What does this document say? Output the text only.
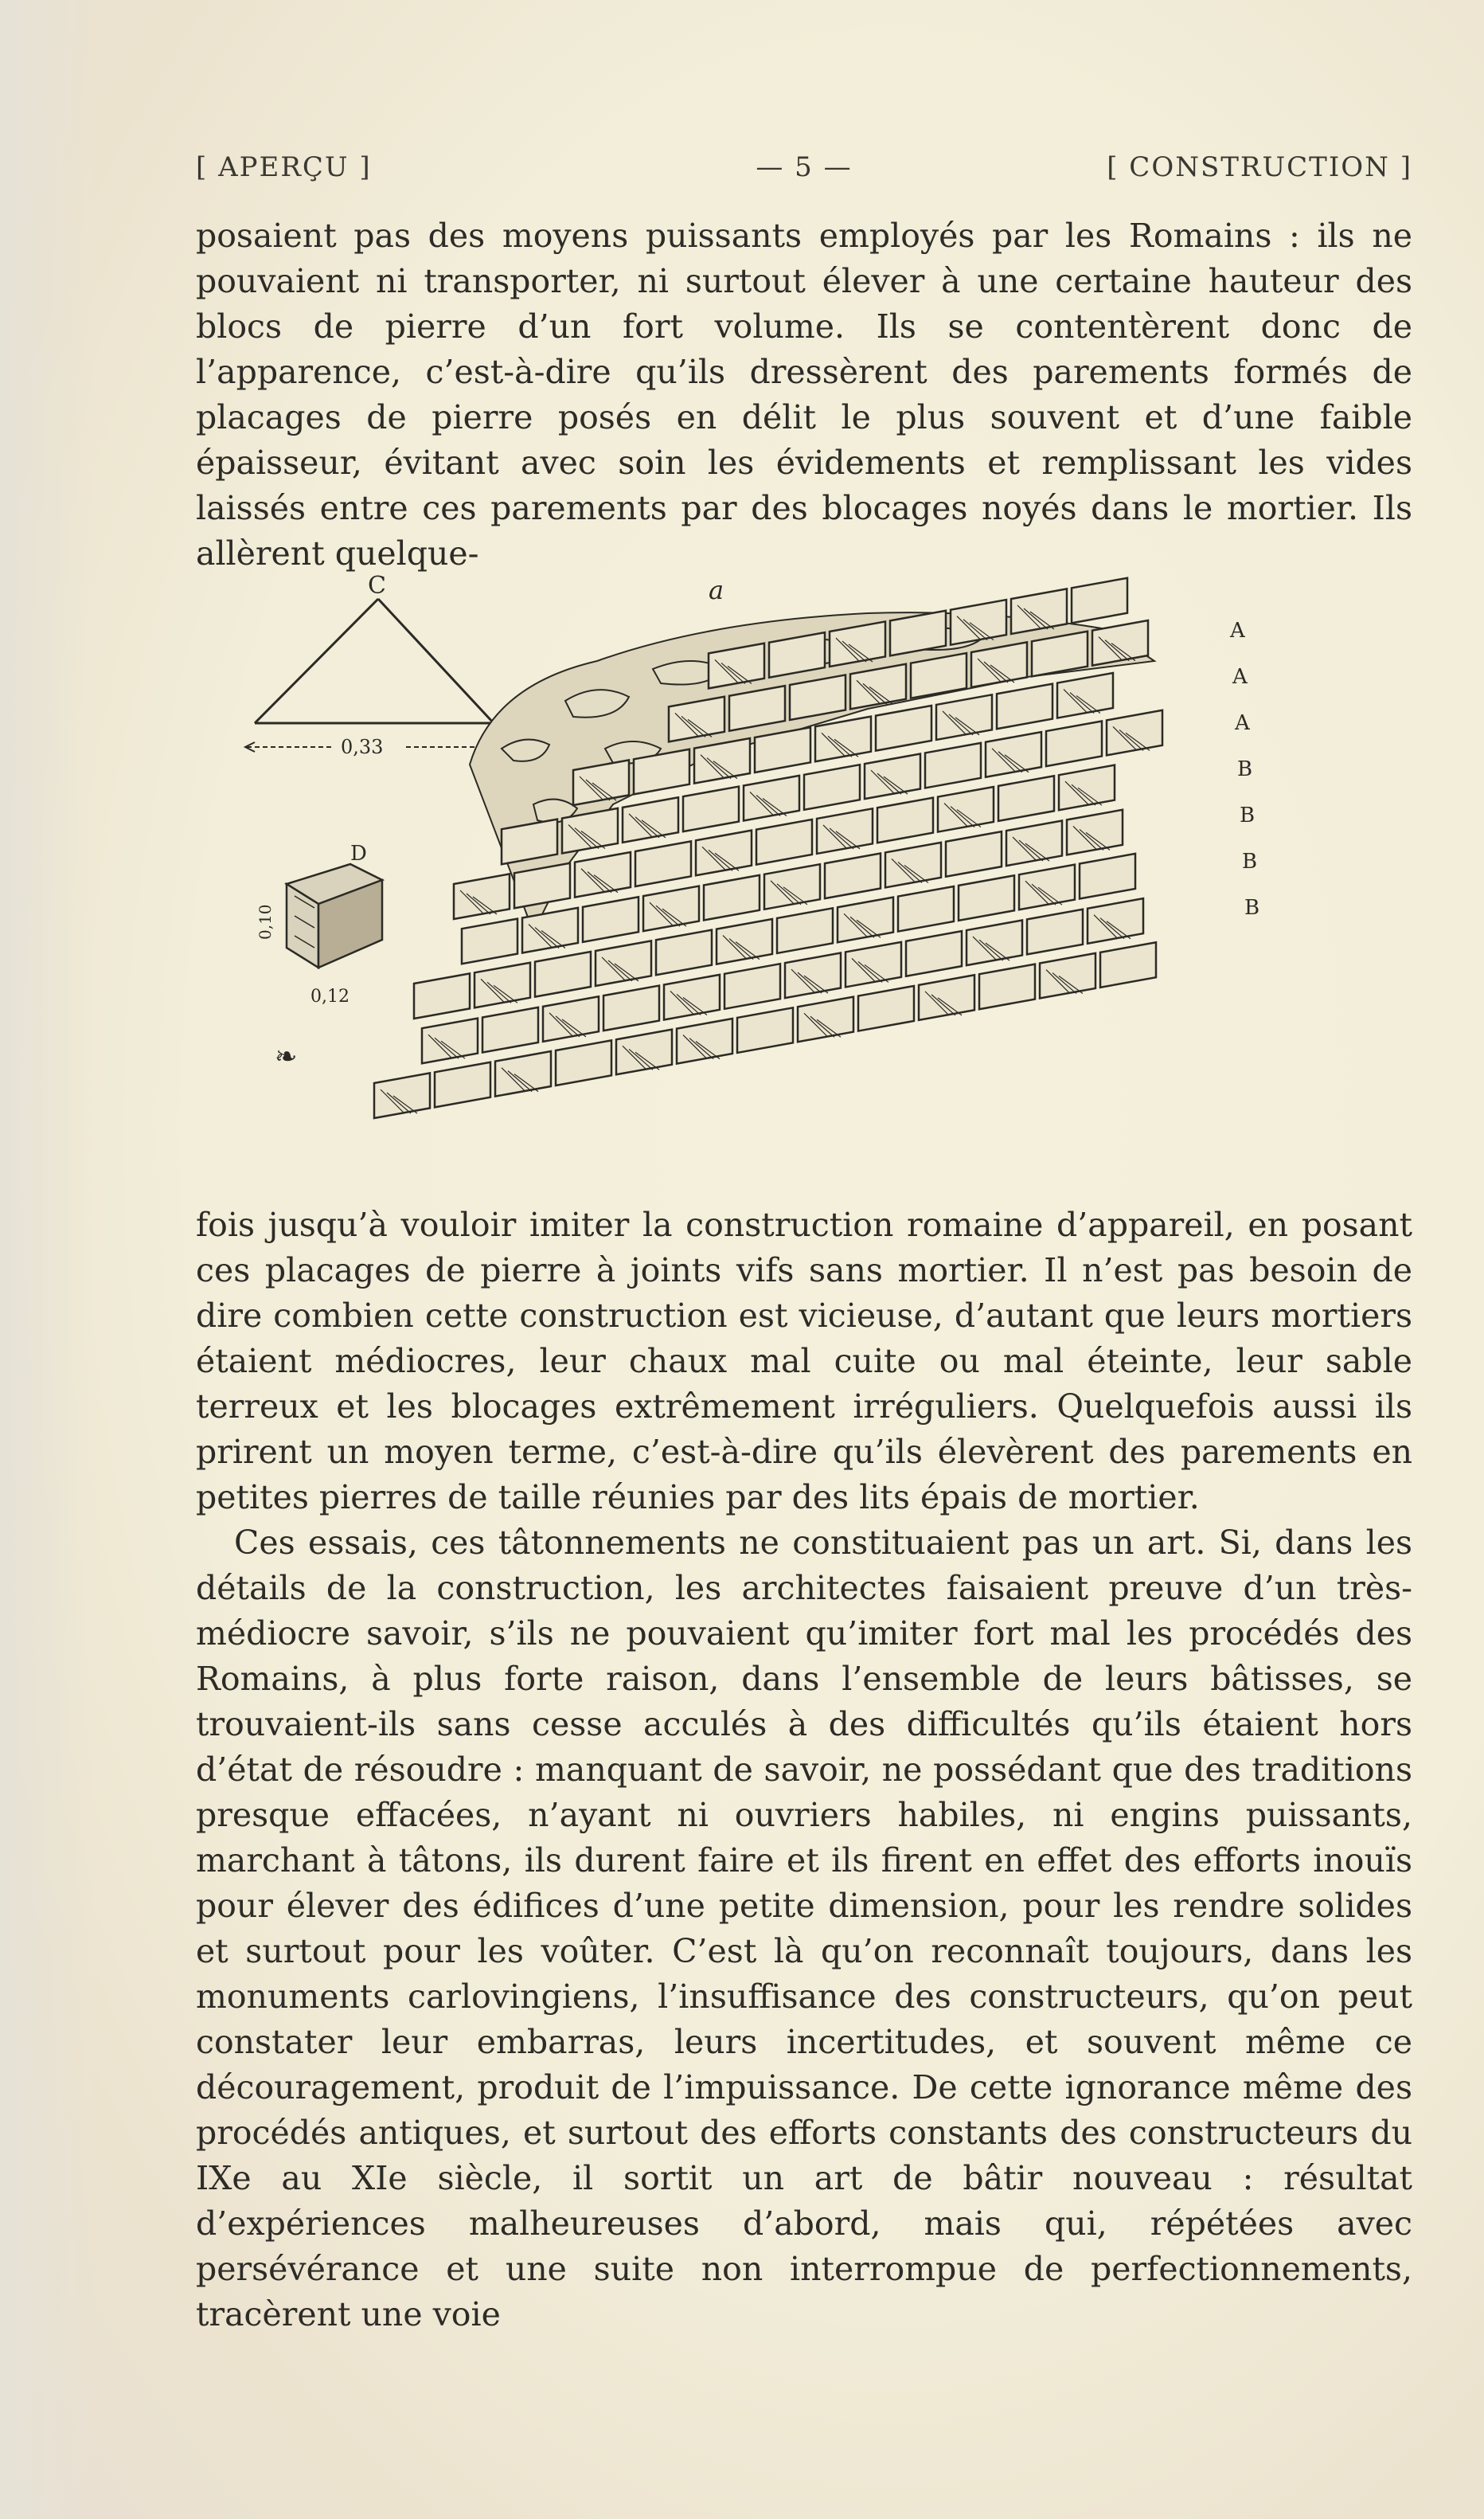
[ APERÇU ]	— 5 —	[ CONSTRUCTION ]

posaient pas des moyens puissants employés par les Romains : ils ne pouvaient ni transporter, ni surtout élever à une certaine hauteur des blocs de pierre d’un fort volume. Ils se contentèrent donc de l’apparence, c’est-à-dire qu’ils dressèrent des parements formés de placages de pierre posés en délit le plus souvent et d’une faible épaisseur, évitant avec soin les évidements et remplissant les vides laissés entre ces parements par des blocages noyés dans le mortier. Ils allèrent quelque-

C
0,33
D
0,10
0,12
❧
a
A
A
A
B
B
B
B

fois jusqu’à vouloir imiter la construction romaine d’appareil, en posant ces placages de pierre à joints vifs sans mortier. Il n’est pas besoin de dire combien cette construction est vicieuse, d’autant que leurs mortiers étaient médiocres, leur chaux mal cuite ou mal éteinte, leur sable terreux et les blocages extrêmement irréguliers. Quelquefois aussi ils prirent un moyen terme, c’est-à-dire qu’ils élevèrent des parements en petites pierres de taille réunies par des lits épais de mortier.

Ces essais, ces tâtonnements ne constituaient pas un art. Si, dans les détails de la construction, les architectes faisaient preuve d’un très-médiocre savoir, s’ils ne pouvaient qu’imiter fort mal les procédés des Romains, à plus forte raison, dans l’ensemble de leurs bâtisses, se trouvaient-ils sans cesse acculés à des difficultés qu’ils étaient hors d’état de résoudre : manquant de savoir, ne possédant que des traditions presque effacées, n’ayant ni ouvriers habiles, ni engins puissants, marchant à tâtons, ils durent faire et ils firent en effet des efforts inouïs pour élever des édifices d’une petite dimension, pour les rendre solides et surtout pour les voûter. C’est là qu’on reconnaît toujours, dans les monuments carlovingiens, l’insuffisance des constructeurs, qu’on peut constater leur embarras, leurs incertitudes, et souvent même ce découragement, produit de l’impuissance. De cette ignorance même des procédés antiques, et surtout des efforts constants des constructeurs du IXe au XIe siècle, il sortit un art de bâtir nouveau : résultat d’expériences malheureuses d’abord, mais qui, répétées avec persévérance et une suite non interrompue de perfectionnements, tracèrent une voie
